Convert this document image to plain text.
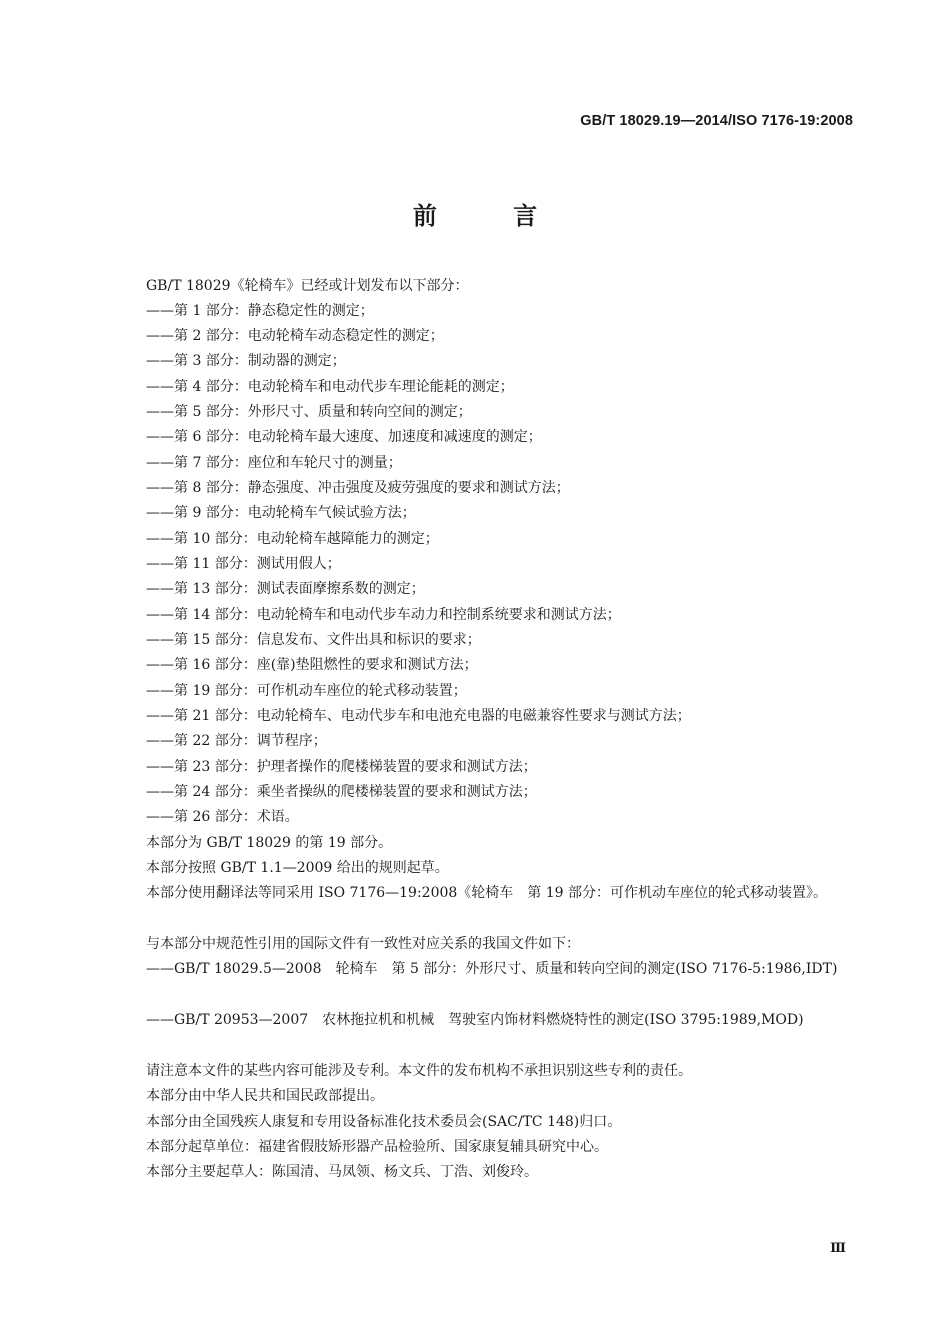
GB/T 18029.19—2014/ISO 7176-19:2008
前 言
GB/T 18029《轮椅车》已经或计划发布以下部分：
——第 1 部分：静态稳定性的测定；
——第 2 部分：电动轮椅车动态稳定性的测定；
——第 3 部分：制动器的测定；
——第 4 部分：电动轮椅车和电动代步车理论能耗的测定；
——第 5 部分：外形尺寸、质量和转向空间的测定；
——第 6 部分：电动轮椅车最大速度、加速度和减速度的测定；
——第 7 部分：座位和车轮尺寸的测量；
——第 8 部分：静态强度、冲击强度及疲劳强度的要求和测试方法；
——第 9 部分：电动轮椅车气候试验方法；
——第 10 部分：电动轮椅车越障能力的测定；
——第 11 部分：测试用假人；
——第 13 部分：测试表面摩擦系数的测定；
——第 14 部分：电动轮椅车和电动代步车动力和控制系统要求和测试方法；
——第 15 部分：信息发布、文件出具和标识的要求；
——第 16 部分：座(靠)垫阻燃性的要求和测试方法；
——第 19 部分：可作机动车座位的轮式移动装置；
——第 21 部分：电动轮椅车、电动代步车和电池充电器的电磁兼容性要求与测试方法；
——第 22 部分：调节程序；
——第 23 部分：护理者操作的爬楼梯装置的要求和测试方法；
——第 24 部分：乘坐者操纵的爬楼梯装置的要求和测试方法；
——第 26 部分：术语。
本部分为 GB/T 18029 的第 19 部分。
本部分按照 GB/T 1.1—2009 给出的规则起草。
本部分使用翻译法等同采用 ISO 7176—19:2008《轮椅车　第 19 部分：可作机动车座位的轮式移动装置》。
与本部分中规范性引用的国际文件有一致性对应关系的我国文件如下：
——GB/T 18029.5—2008　轮椅车　第 5 部分：外形尺寸、质量和转向空间的测定(ISO 7176-5:1986,IDT)
——GB/T 20953—2007　农林拖拉机和机械　驾驶室内饰材料燃烧特性的测定(ISO 3795:1989,MOD)
请注意本文件的某些内容可能涉及专利。本文件的发布机构不承担识别这些专利的责任。
本部分由中华人民共和国民政部提出。
本部分由全国残疾人康复和专用设备标准化技术委员会(SAC/TC 148)归口。
本部分起草单位：福建省假肢矫形器产品检验所、国家康复辅具研究中心。
本部分主要起草人：陈国清、马凤领、杨文兵、丁浩、刘俊玲。
Ⅲ
